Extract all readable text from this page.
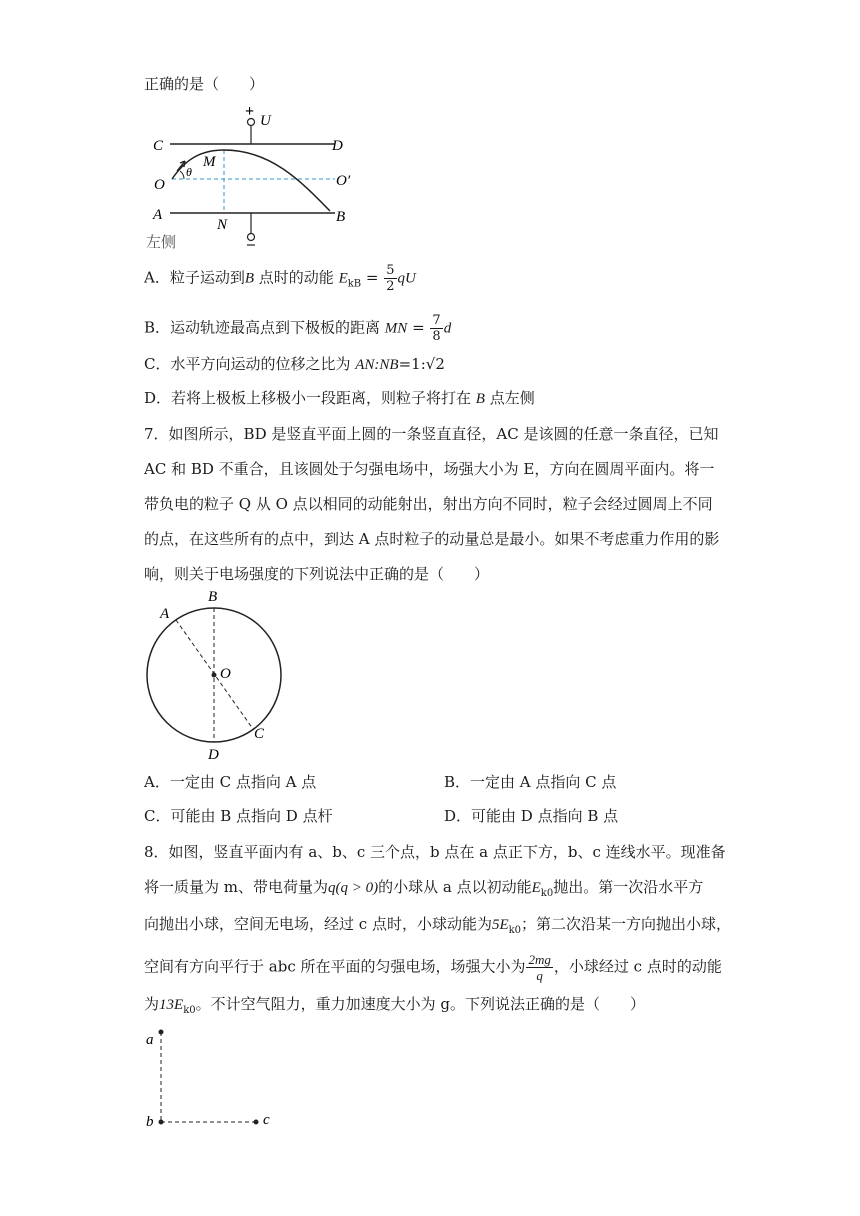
正确的是（　　）
+
U
C	D
A	B
O	O′
M
N
θ
左侧
A．粒子运动到B 点时的动能 $E_{kB} = \frac{5}{2}$ qU
B．运动轨迹最高点到下极板的距离 MN = $\frac{7}{8}$ d
C．水平方向运动的位移之比为 AN:NB=1:√2
D．若将上极板上移极小一段距离，则粒子将打在 B 点左侧
7．如图所示，BD 是竖直平面上圆的一条竖直直径，AC 是该圆的任意一条直径，已知
AC 和 BD 不重合，且该圆处于匀强电场中，场强大小为 E，方向在圆周平面内。将一
带负电的粒子 Q 从 O 点以相同的动能射出，射出方向不同时，粒子会经过圆周上不同
的点，在这些所有的点中，到达 A 点时粒子的动量总是最小。如果不考虑重力作用的影
响，则关于电场强度的下列说法中正确的是（　　）
A
B
O
C
D
A．一定由 C 点指向 A 点	B．一定由 A 点指向 C 点
C．可能由 B 点指向 D 点杆	D．可能由 D 点指向 B 点
8．如图，竖直平面内有 a、b、c 三个点，b 点在 a 点正下方，b、c 连线水平。现准备
将一质量为 m、带电荷量为q(q > 0)的小球从 a 点以初动能$E_{k0}$抛出。第一次沿水平方
向抛出小球，空间无电场，经过 c 点时，小球动能为$5E_{k0}$；第二次沿某一方向抛出小球，
空间有方向平行于 abc 所在平面的匀强电场，场强大小为 $\frac{2mg}{q}$ ，小球经过 c 点时的动能
为$13E_{k0}$。不计空气阻力，重力加速度大小为 g。下列说法正确的是（　　）
a
b	c
